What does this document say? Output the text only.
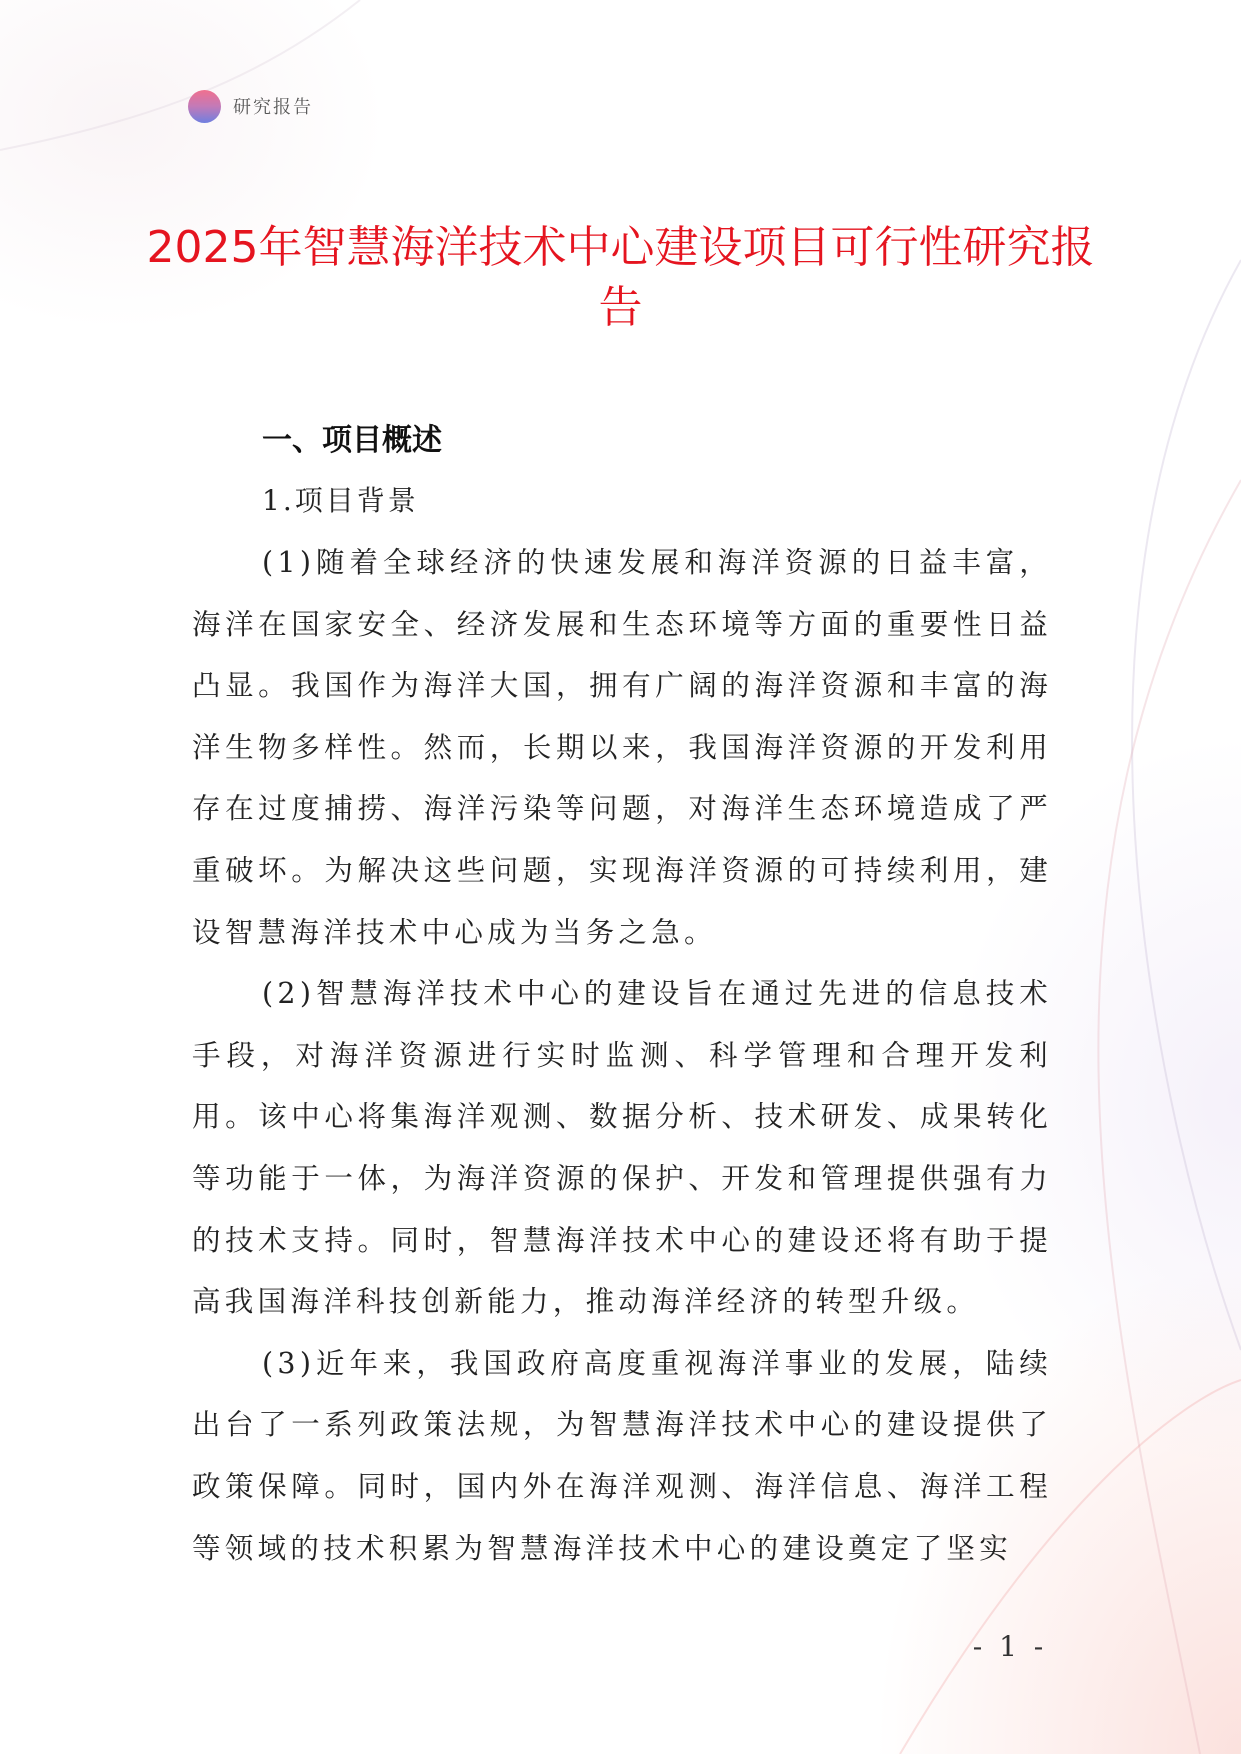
研究报告
2025年智慧海洋技术中心建设项目可行性研究报告
一、项目概述
1.项目背景

(1)随着全球经济的快速发展和海洋资源的日益丰富，海洋在国家安全、经济发展和生态环境等方面的重要性日益凸显。我国作为海洋大国，拥有广阔的海洋资源和丰富的海洋生物多样性。然而，长期以来，我国海洋资源的开发利用存在过度捕捞、海洋污染等问题，对海洋生态环境造成了严重破坏。为解决这些问题，实现海洋资源的可持续利用，建设智慧海洋技术中心成为当务之急。

(2)智慧海洋技术中心的建设旨在通过先进的信息技术手段，对海洋资源进行实时监测、科学管理和合理开发利用。该中心将集海洋观测、数据分析、技术研发、成果转化等功能于一体，为海洋资源的保护、开发和管理提供强有力的技术支持。同时，智慧海洋技术中心的建设还将有助于提高我国海洋科技创新能力，推动海洋经济的转型升级。

(3)近年来，我国政府高度重视海洋事业的发展，陆续出台了一系列政策法规，为智慧海洋技术中心的建设提供了政策保障。同时，国内外在海洋观测、海洋信息、海洋工程等领域的技术积累为智慧海洋技术中心的建设奠定了坚实

- 1 -
